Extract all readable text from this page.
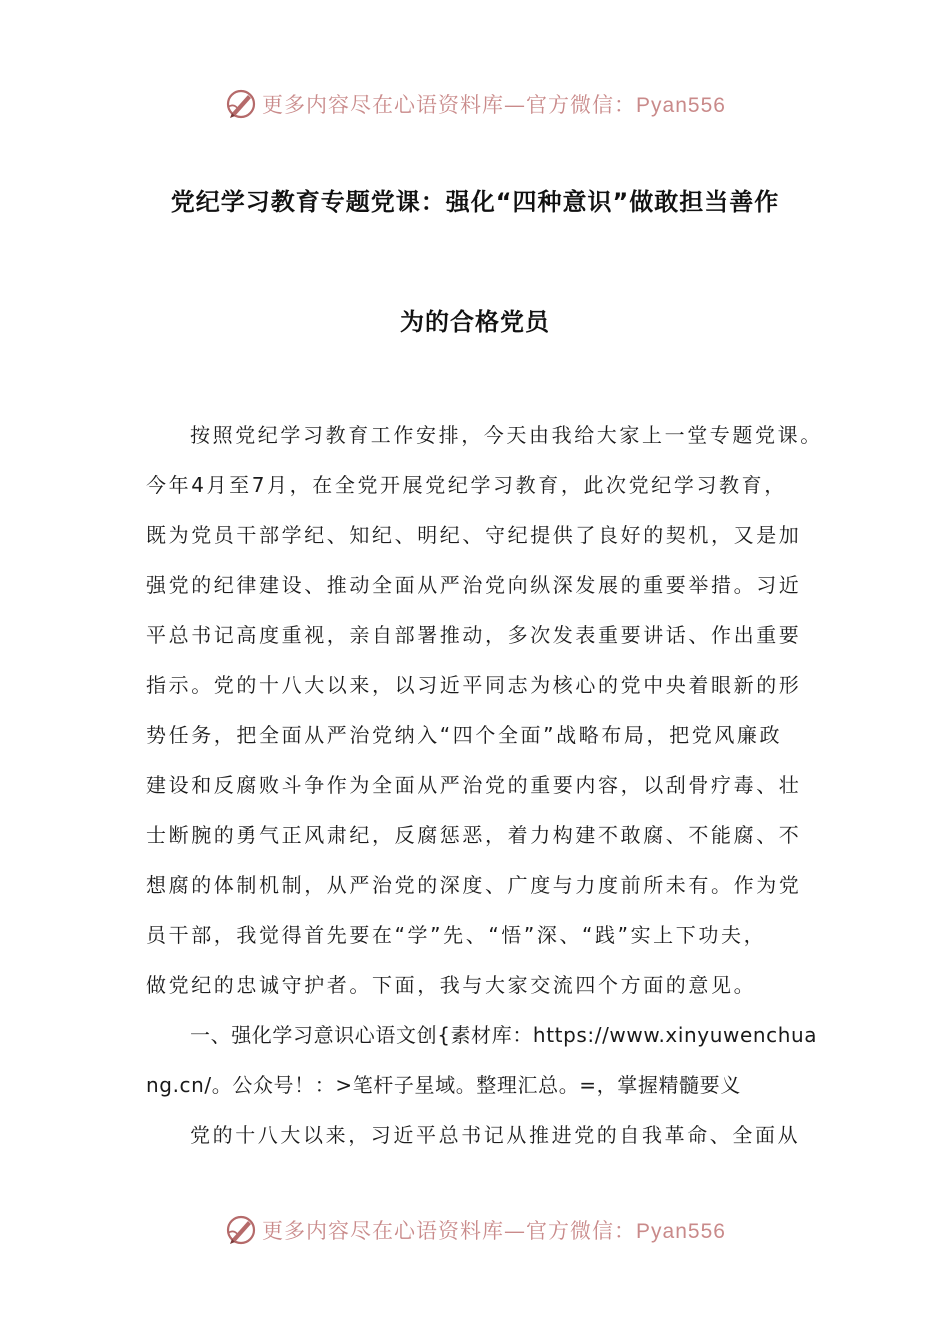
更多内容尽在心语资料库—官方微信：Pyan556
党纪学习教育专题党课：强化“四种意识”做敢担当善作
为的合格党员
按照党纪学习教育工作安排，今天由我给大家上一堂专题党课。
今年4月至7月，在全党开展党纪学习教育，此次党纪学习教育，
既为党员干部学纪、知纪、明纪、守纪提供了良好的契机，又是加
强党的纪律建设、推动全面从严治党向纵深发展的重要举措。习近
平总书记高度重视，亲自部署推动，多次发表重要讲话、作出重要
指示。党的十八大以来，以习近平同志为核心的党中央着眼新的形
势任务，把全面从严治党纳入“四个全面”战略布局，把党风廉政
建设和反腐败斗争作为全面从严治党的重要内容，以刮骨疗毒、壮
士断腕的勇气正风肃纪，反腐惩恶，着力构建不敢腐、不能腐、不
想腐的体制机制，从严治党的深度、广度与力度前所未有。作为党
员干部，我觉得首先要在“学”先、“悟”深、“践”实上下功夫，
做党纪的忠诚守护者。下面，我与大家交流四个方面的意见。
一、强化学习意识心语文创{素材库：https://www.xinyuwenchua
ng.cn/。公众号！：>笔杆子星域。整理汇总。=，掌握精髓要义
党的十八大以来，习近平总书记从推进党的自我革命、全面从
更多内容尽在心语资料库—官方微信：Pyan556
